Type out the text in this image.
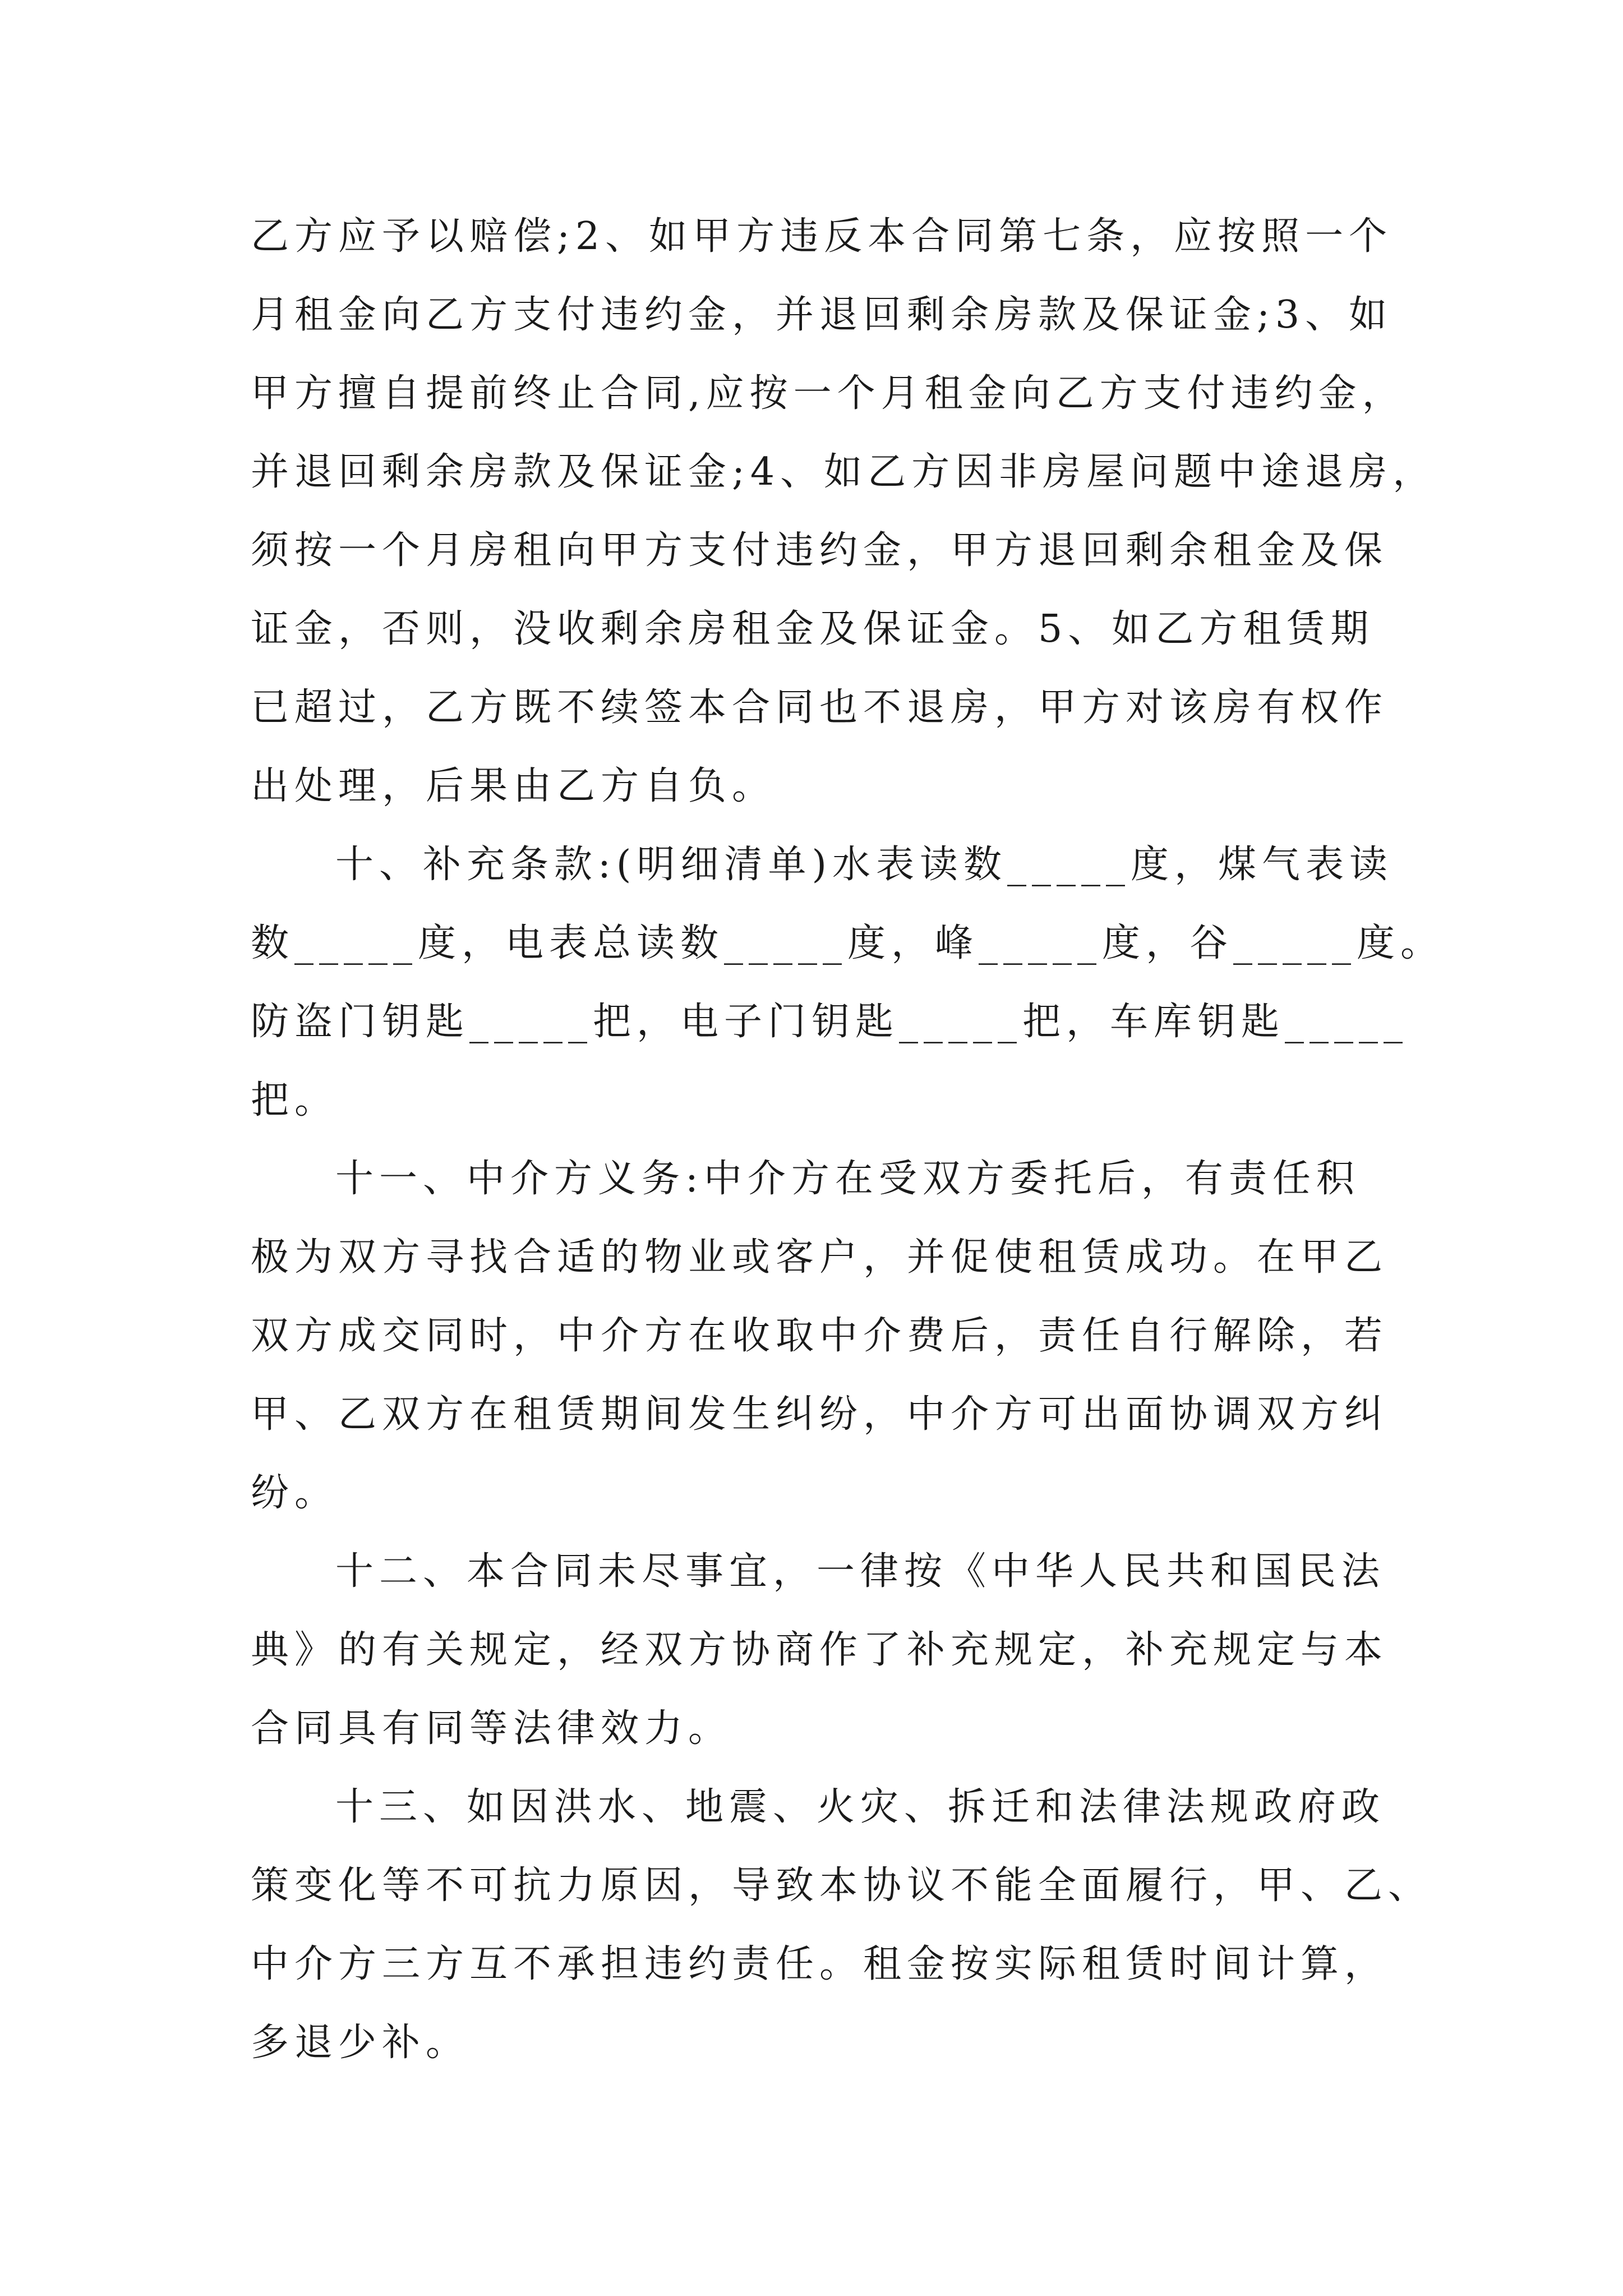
乙方应予以赔偿;2、如甲方违反本合同第七条，应按照一个
月租金向乙方支付违约金，并退回剩余房款及保证金;3、如
甲方擅自提前终止合同,应按一个月租金向乙方支付违约金，
并退回剩余房款及保证金;4、如乙方因非房屋问题中途退房，
须按一个月房租向甲方支付违约金，甲方退回剩余租金及保
证金，否则，没收剩余房租金及保证金。5、如乙方租赁期
已超过，乙方既不续签本合同也不退房，甲方对该房有权作
出处理，后果由乙方自负。
十、补充条款:(明细清单)水表读数_____度，煤气表读
数_____度，电表总读数_____度，峰_____度，谷_____度。
防盗门钥匙_____把，电子门钥匙_____把，车库钥匙_____
把。
十一、中介方义务:中介方在受双方委托后，有责任积
极为双方寻找合适的物业或客户，并促使租赁成功。在甲乙
双方成交同时，中介方在收取中介费后，责任自行解除，若
甲、乙双方在租赁期间发生纠纷，中介方可出面协调双方纠
纷。
十二、本合同未尽事宜，一律按《中华人民共和国民法
典》的有关规定，经双方协商作了补充规定，补充规定与本
合同具有同等法律效力。
十三、如因洪水、地震、火灾、拆迁和法律法规政府政
策变化等不可抗力原因，导致本协议不能全面履行，甲、乙、
中介方三方互不承担违约责任。租金按实际租赁时间计算，
多退少补。
